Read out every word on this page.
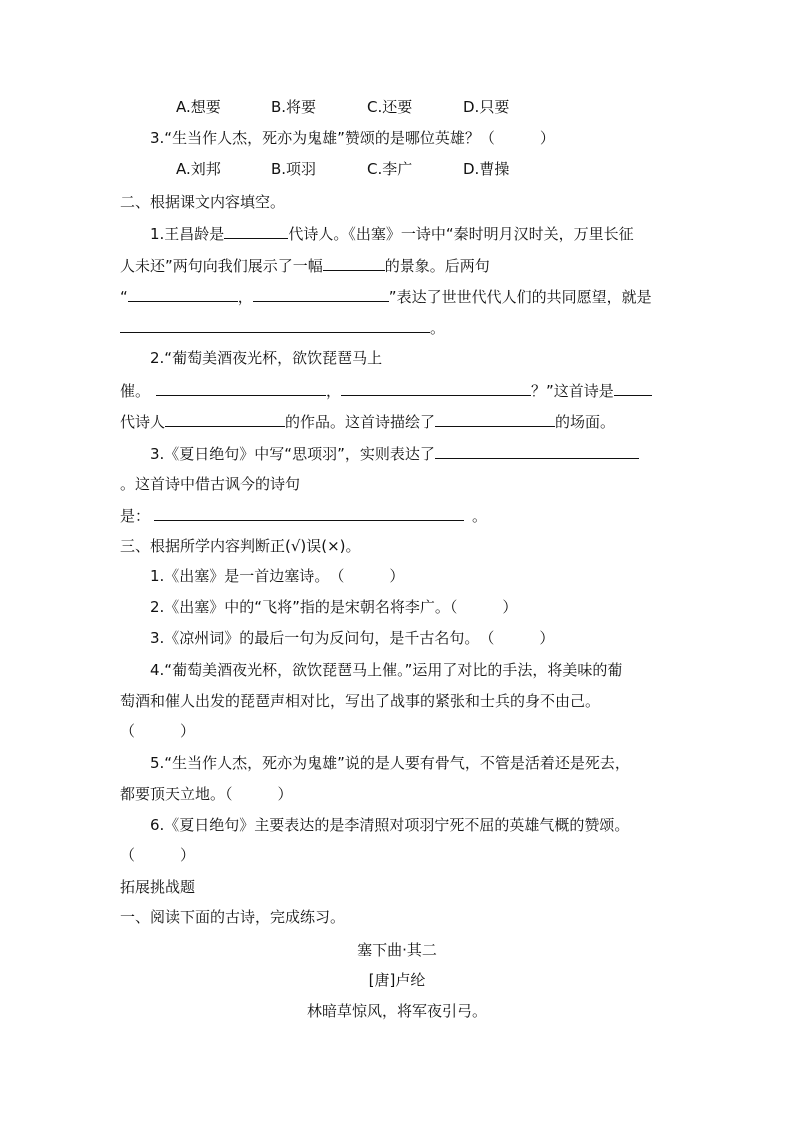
A.想要	B.将要	C.还要	D.只要
3.“生当作人杰，死亦为鬼雄”赞颂的是哪位英雄？（　　　）
A.刘邦	B.项羽	C.李广	D.曹操
二、根据课文内容填空。
1.王昌龄是	代诗人。《出塞》一诗中“秦时明月汉时关，万里长征
人未还”两句向我们展示了一幅	的景象。后两句
“	，	”表达了世世代代人们的共同愿望，就是
。
2.“葡萄美酒夜光杯，欲饮琵琶马上
催。	，	？”这首诗是
代诗人	的作品。这首诗描绘了	的场面。
3.《夏日绝句》中写“思项羽”，实则表达了
。这首诗中借古讽今的诗句
是：	。
三、根据所学内容判断正(√)误(×)。
1.《出塞》是一首边塞诗。　（　　　）
2.《出塞》中的“飞将”指的是宋朝名将李广。（　　　）
3.《凉州词》的最后一句为反问句，是千古名句。　（　　　）
4.“葡萄美酒夜光杯，欲饮琵琶马上催。”运用了对比的手法，将美味的葡
萄酒和催人出发的琵琶声相对比，写出了战事的紧张和士兵的身不由己。
（　　　）
5.“生当作人杰，死亦为鬼雄”说的是人要有骨气，不管是活着还是死去，
都要顶天立地。（　　　）
6.《夏日绝句》主要表达的是李清照对项羽宁死不屈的英雄气概的赞颂。
（　　　）
拓展挑战题
一、阅读下面的古诗，完成练习。
塞下曲·其二
[唐]卢纶
林暗草惊风，将军夜引弓。
